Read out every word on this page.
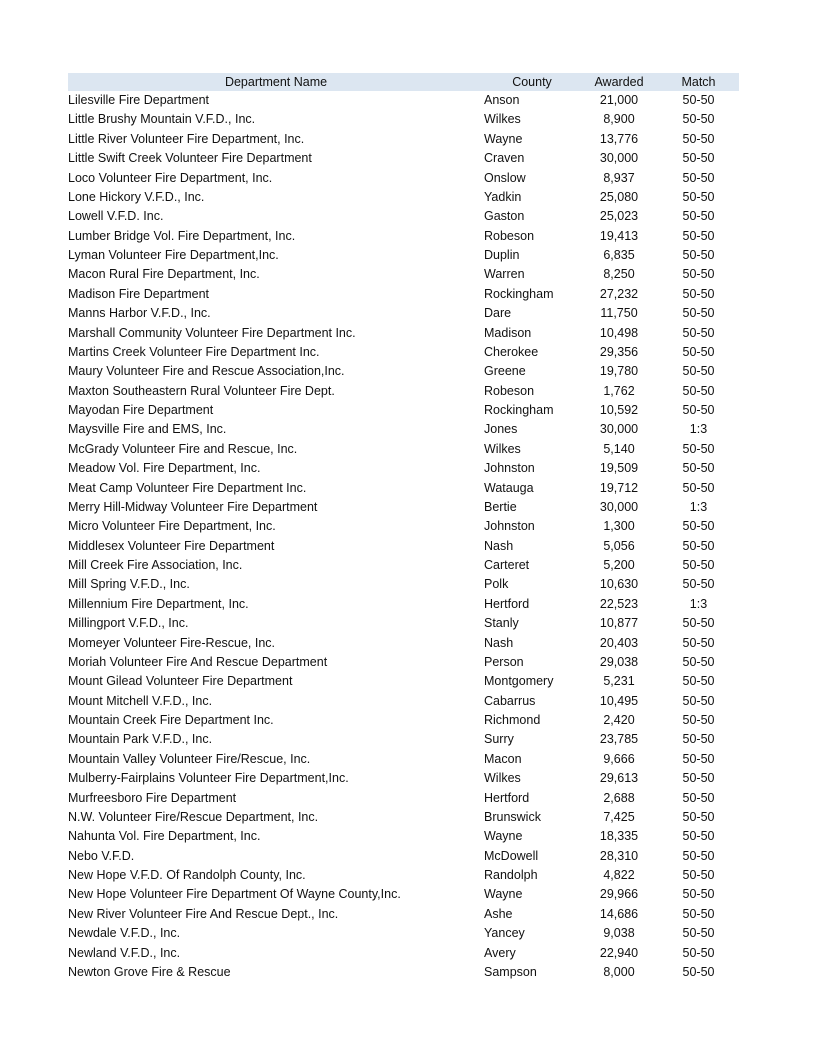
Department Name	County	Awarded	Match
Lilesville Fire Department	Anson	21,000	50-50
Little Brushy Mountain V.F.D., Inc.	Wilkes	8,900	50-50
Little River Volunteer Fire Department, Inc.	Wayne	13,776	50-50
Little Swift Creek Volunteer Fire Department	Craven	30,000	50-50
Loco Volunteer Fire Department, Inc.	Onslow	8,937	50-50
Lone Hickory V.F.D., Inc.	Yadkin	25,080	50-50
Lowell V.F.D. Inc.	Gaston	25,023	50-50
Lumber Bridge Vol. Fire Department, Inc.	Robeson	19,413	50-50
Lyman Volunteer Fire Department,Inc.	Duplin	6,835	50-50
Macon Rural Fire Department, Inc.	Warren	8,250	50-50
Madison Fire Department	Rockingham	27,232	50-50
Manns Harbor V.F.D., Inc.	Dare	11,750	50-50
Marshall Community Volunteer Fire Department Inc.	Madison	10,498	50-50
Martins Creek Volunteer Fire Department Inc.	Cherokee	29,356	50-50
Maury Volunteer Fire and Rescue Association,Inc.	Greene	19,780	50-50
Maxton Southeastern Rural Volunteer Fire Dept.	Robeson	1,762	50-50
Mayodan Fire Department	Rockingham	10,592	50-50
Maysville Fire and EMS, Inc.	Jones	30,000	1:3
McGrady Volunteer Fire and Rescue, Inc.	Wilkes	5,140	50-50
Meadow Vol. Fire Department, Inc.	Johnston	19,509	50-50
Meat Camp Volunteer Fire Department Inc.	Watauga	19,712	50-50
Merry Hill-Midway Volunteer Fire Department	Bertie	30,000	1:3
Micro Volunteer Fire Department, Inc.	Johnston	1,300	50-50
Middlesex Volunteer Fire Department	Nash	5,056	50-50
Mill Creek Fire Association, Inc.	Carteret	5,200	50-50
Mill Spring V.F.D., Inc.	Polk	10,630	50-50
Millennium Fire Department, Inc.	Hertford	22,523	1:3
Millingport V.F.D., Inc.	Stanly	10,877	50-50
Momeyer Volunteer Fire-Rescue, Inc.	Nash	20,403	50-50
Moriah Volunteer Fire And Rescue Department	Person	29,038	50-50
Mount Gilead Volunteer Fire Department	Montgomery	5,231	50-50
Mount Mitchell V.F.D., Inc.	Cabarrus	10,495	50-50
Mountain Creek Fire Department Inc.	Richmond	2,420	50-50
Mountain Park V.F.D., Inc.	Surry	23,785	50-50
Mountain Valley Volunteer Fire/Rescue, Inc.	Macon	9,666	50-50
Mulberry-Fairplains Volunteer Fire Department,Inc.	Wilkes	29,613	50-50
Murfreesboro Fire Department	Hertford	2,688	50-50
N.W. Volunteer Fire/Rescue Department, Inc.	Brunswick	7,425	50-50
Nahunta Vol. Fire Department, Inc.	Wayne	18,335	50-50
Nebo V.F.D.	McDowell	28,310	50-50
New Hope V.F.D. Of Randolph County, Inc.	Randolph	4,822	50-50
New Hope Volunteer Fire Department Of Wayne County,Inc.	Wayne	29,966	50-50
New River Volunteer Fire And Rescue Dept., Inc.	Ashe	14,686	50-50
Newdale V.F.D., Inc.	Yancey	9,038	50-50
Newland V.F.D., Inc.	Avery	22,940	50-50
Newton Grove Fire & Rescue	Sampson	8,000	50-50
